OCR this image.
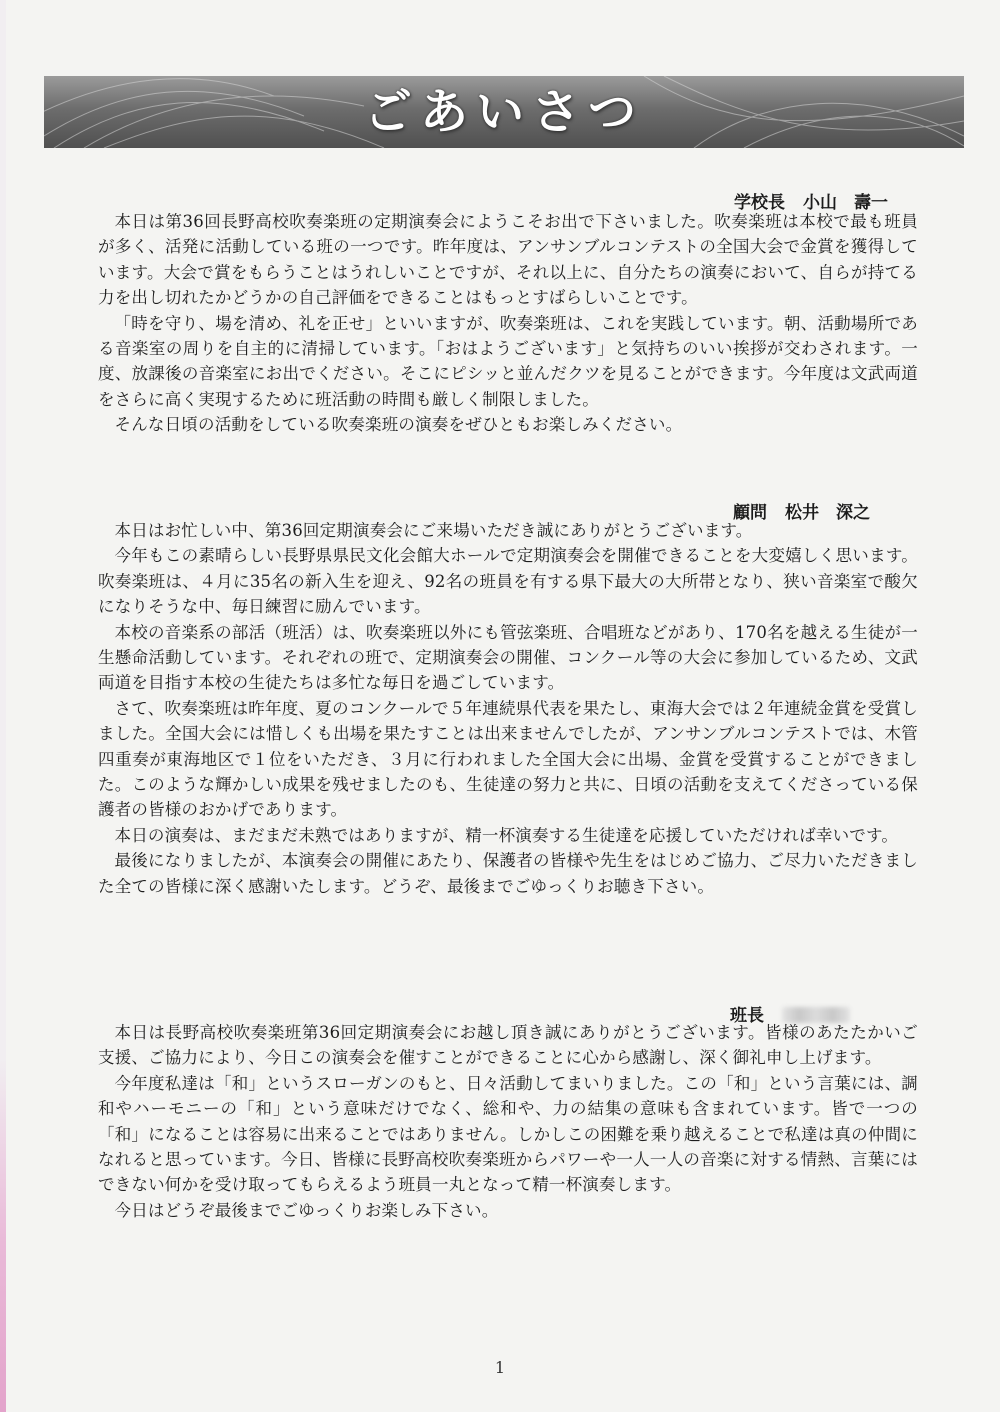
ごあいさつ
学校長 小山　壽一

本日は第36回長野高校吹奏楽班の定期演奏会にようこそお出で下さいました。吹奏楽班は本校で最も班員が多く、活発に活動している班の一つです。昨年度は、アンサンブルコンテストの全国大会で金賞を獲得しています。大会で賞をもらうことはうれしいことですが、それ以上に、自分たちの演奏において、自らが持てる力を出し切れたかどうかの自己評価をできることはもっとすばらしいことです。

「時を守り、場を清め、礼を正せ」といいますが、吹奏楽班は、これを実践しています。朝、活動場所である音楽室の周りを自主的に清掃しています。「おはようございます」と気持ちのいい挨拶が交わされます。一度、放課後の音楽室にお出でください。そこにピシッと並んだクツを見ることができます。今年度は文武両道をさらに高く実現するために班活動の時間も厳しく制限しました。

そんな日頃の活動をしている吹奏楽班の演奏をぜひともお楽しみください。

顧問 松井　深之

本日はお忙しい中、第36回定期演奏会にご来場いただき誠にありがとうございます。

今年もこの素晴らしい長野県県民文化会館大ホールで定期演奏会を開催できることを大変嬉しく思います。吹奏楽班は、４月に35名の新入生を迎え、92名の班員を有する県下最大の大所帯となり、狭い音楽室で酸欠になりそうな中、毎日練習に励んでいます。

本校の音楽系の部活（班活）は、吹奏楽班以外にも管弦楽班、合唱班などがあり、170名を越える生徒が一生懸命活動しています。それぞれの班で、定期演奏会の開催、コンクール等の大会に参加しているため、文武両道を目指す本校の生徒たちは多忙な毎日を過ごしています。

さて、吹奏楽班は昨年度、夏のコンクールで５年連続県代表を果たし、東海大会では２年連続金賞を受賞しました。全国大会には惜しくも出場を果たすことは出来ませんでしたが、アンサンブルコンテストでは、木管四重奏が東海地区で１位をいただき、３月に行われました全国大会に出場、金賞を受賞することができました。このような輝かしい成果を残せましたのも、生徒達の努力と共に、日頃の活動を支えてくださっている保護者の皆様のおかげであります。

本日の演奏は、まだまだ未熟ではありますが、精一杯演奏する生徒達を応援していただければ幸いです。

最後になりましたが、本演奏会の開催にあたり、保護者の皆様や先生をはじめご協力、ご尽力いただきました全ての皆様に深く感謝いたします。どうぞ、最後までごゆっくりお聴き下さい。

班長

本日は長野高校吹奏楽班第36回定期演奏会にお越し頂き誠にありがとうございます。皆様のあたたかいご支援、ご協力により、今日この演奏会を催すことができることに心から感謝し、深く御礼申し上げます。

今年度私達は「和」というスローガンのもと、日々活動してまいりました。この「和」という言葉には、調和やハーモニーの「和」という意味だけでなく、総和や、力の結集の意味も含まれています。皆で一つの「和」になることは容易に出来ることではありません。しかしこの困難を乗り越えることで私達は真の仲間になれると思っています。今日、皆様に長野高校吹奏楽班からパワーや一人一人の音楽に対する情熱、言葉にはできない何かを受け取ってもらえるよう班員一丸となって精一杯演奏します。

今日はどうぞ最後までごゆっくりお楽しみ下さい。

1
